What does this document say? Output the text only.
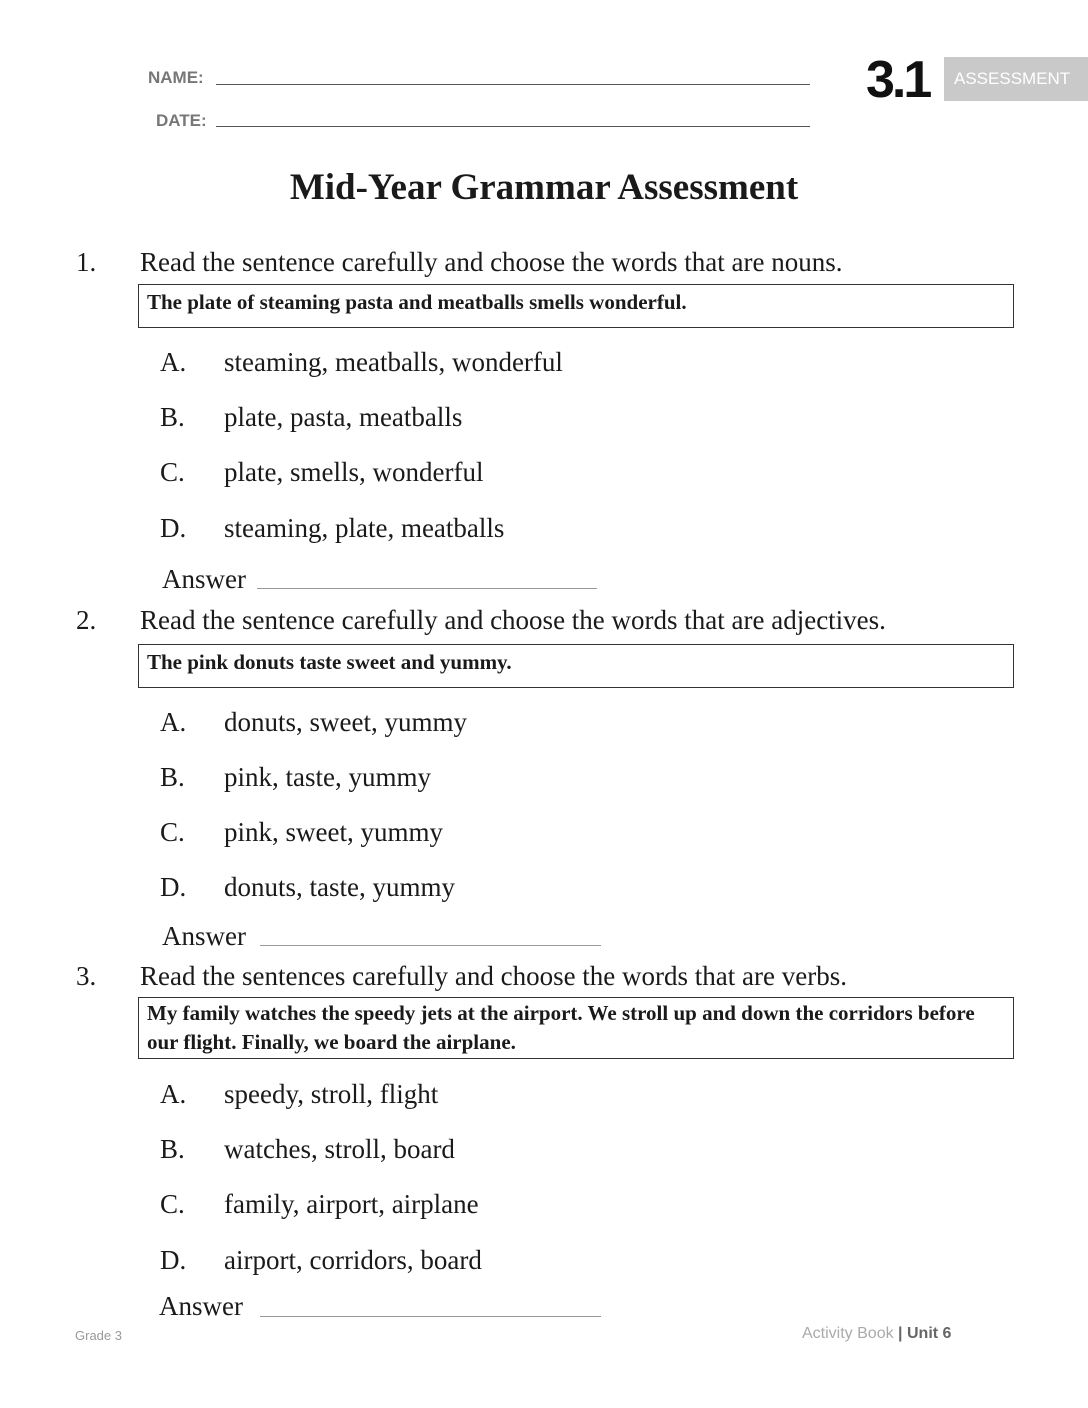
NAME:
DATE:
3.1	ASSESSMENT
Mid-Year Grammar Assessment
1. Read the sentence carefully and choose the words that are nouns.
The plate of steaming pasta and meatballs smells wonderful.
A. steaming, meatballs, wonderful
B. plate, pasta, meatballs
C. plate, smells, wonderful
D. steaming, plate, meatballs
Answer
2. Read the sentence carefully and choose the words that are adjectives.
The pink donuts taste sweet and yummy.
A. donuts, sweet, yummy
B. pink, taste, yummy
C. pink, sweet, yummy
D. donuts, taste, yummy
Answer
3. Read the sentences carefully and choose the words that are verbs.
My family watches the speedy jets at the airport. We stroll up and down the corridors before our flight. Finally, we board the airplane.
A. speedy, stroll, flight
B. watches, stroll, board
C. family, airport, airplane
D. airport, corridors, board
Answer
Grade 3	Activity Book | Unit 6
